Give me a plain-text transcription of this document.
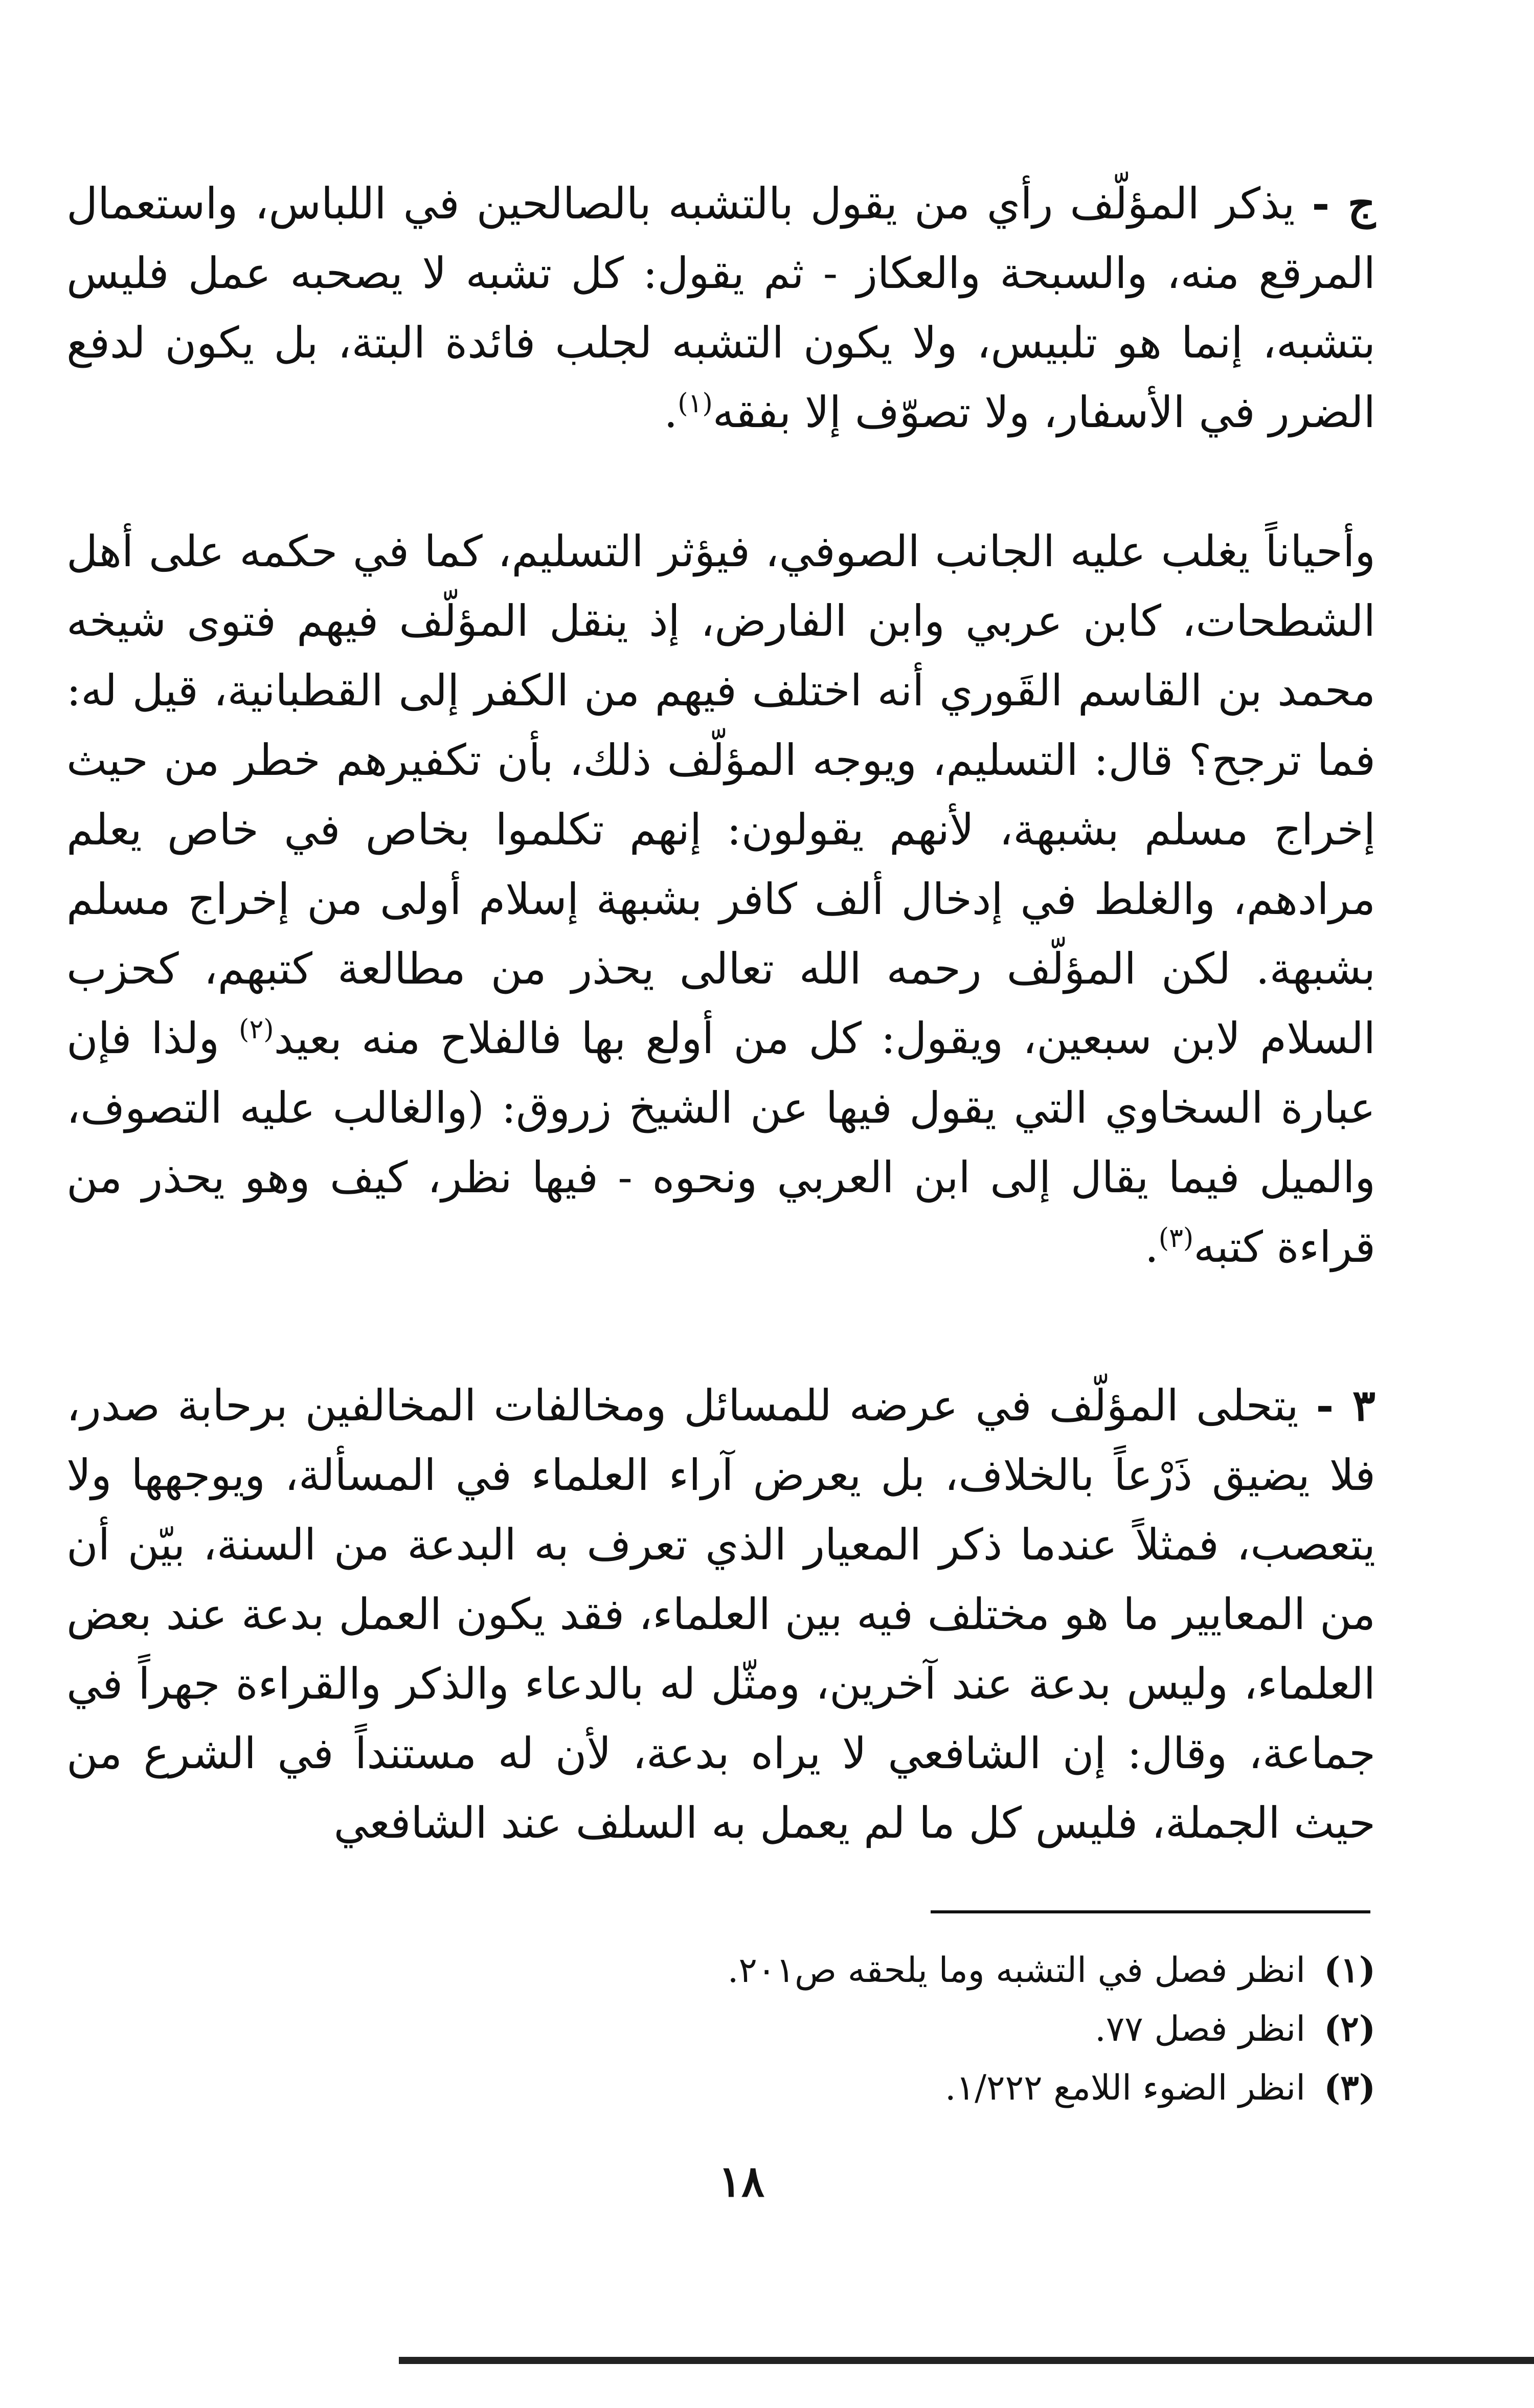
ج - يذكر المؤلّف رأي من يقول بالتشبه بالصالحين في اللباس، واستعمال المرقع منه، والسبحة والعكاز - ثم يقول: كل تشبه لا يصحبه عمل فليس بتشبه، إنما هو تلبيس، ولا يكون التشبه لجلب فائدة البتة، بل يكون لدفع الضرر في الأسفار، ولا تصوّف إلا بفقه$^{(١)}$.

وأحياناً يغلب عليه الجانب الصوفي، فيؤثر التسليم، كما في حكمه على أهل الشطحات، كابن عربي وابن الفارض، إذ ينقل المؤلّف فيهم فتوى شيخه محمد بن القاسم القَوري أنه اختلف فيهم من الكفر إلى القطبانية، قيل له: فما ترجح؟ قال: التسليم، ويوجه المؤلّف ذلك، بأن تكفيرهم خطر من حيث إخراج مسلم بشبهة، لأنهم يقولون: إنهم تكلموا بخاص في خاص يعلم مرادهم، والغلط في إدخال ألف كافر بشبهة إسلام أولى من إخراج مسلم بشبهة. لكن المؤلّف رحمه الله تعالى يحذر من مطالعة كتبهم، كحزب السلام لابن سبعين، ويقول: كل من أولع بها فالفلاح منه بعيد$^{(٢)}$ ولذا فإن عبارة السخاوي التي يقول فيها عن الشيخ زروق: (والغالب عليه التصوف، والميل فيما يقال إلى ابن العربي ونحوه - فيها نظر، كيف وهو يحذر من قراءة كتبه$^{(٣)}$.

٣ - يتحلى المؤلّف في عرضه للمسائل ومخالفات المخالفين برحابة صدر، فلا يضيق ذَرْعاً بالخلاف، بل يعرض آراء العلماء في المسألة، ويوجهها ولا يتعصب، فمثلاً عندما ذكر المعيار الذي تعرف به البدعة من السنة، بيّن أن من المعايير ما هو مختلف فيه بين العلماء، فقد يكون العمل بدعة عند بعض العلماء، وليس بدعة عند آخرين، ومثّل له بالدعاء والذكر والقراءة جهراً في جماعة، وقال: إن الشافعي لا يراه بدعة، لأن له مستنداً في الشرع من حيث الجملة، فليس كل ما لم يعمل به السلف عند الشافعي

(١)انظر فصل في التشبه وما يلحقه ص٢٠١.
(٢)انظر فصل ٧٧.
(٣)انظر الضوء اللامع ١/٢٢٢.
١٨
